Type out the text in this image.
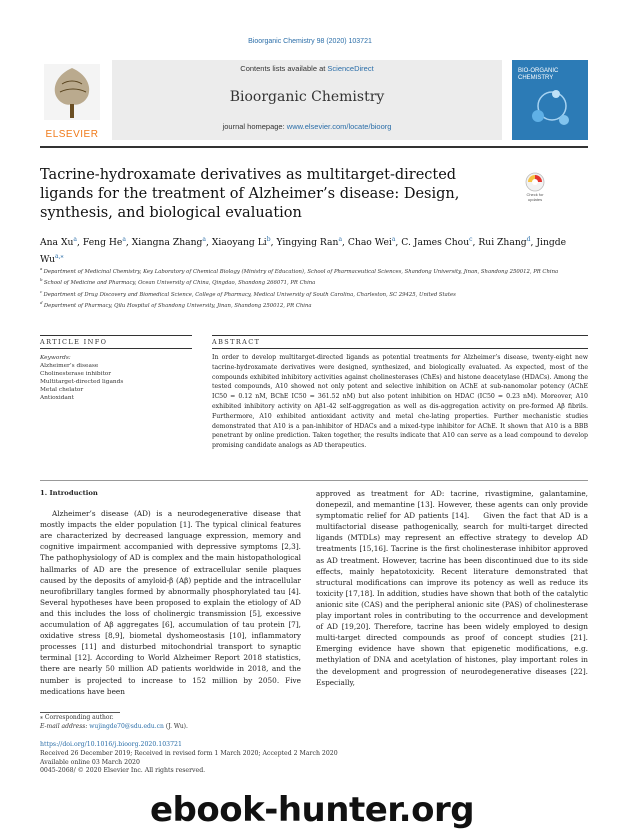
Bioorganic Chemistry 98 (2020) 103721
ELSEVIER
Contents lists available at ScienceDirect
Bioorganic Chemistry
journal homepage: www.elsevier.com/locate/bioorg
BIO-ORGANIC CHEMISTRY
Tacrine-hydroxamate derivatives as multitarget-directed ligands for the treatment of Alzheimer’s disease: Design, synthesis, and biological evaluation
Check for updates
Ana Xu$^a$, Feng He$^a$, Xiangna Zhang$^a$, Xiaoyang Li$^b$, Yingying Ran$^a$, Chao Wei$^a$, C. James Chou$^c$, Rui Zhang$^d$, Jingde $Wu^{a,⁎}$
$^a$ Department of Medicinal Chemistry, Key Laboratory of Chemical Biology (Ministry of Education), School of Pharmaceutical Sciences, Shandong University, Jinan, Shandong 250012, PR China
$^b$ School of Medicine and Pharmacy, Ocean University of China, Qingdao, Shandong 266071, PR China
$^c$ Department of Drug Discovery and Biomedical Science, College of Pharmacy, Medical University of South Carolina, Charleston, SC 29425, United States
$^d$ Department of Pharmacy, Qilu Hospital of Shandong University, Jinan, Shandong 250012, PR China
ARTICLE INFO	ABSTRACT
Keywords:
Alzheimer’s disease
Cholinesterase inhibitor
Multitarget-directed ligands
Metal chelator
Antioxidant
In order to develop multitarget-directed ligands as potential treatments for Alzheimer’s disease, twenty-eight new tacrine-hydroxamate derivatives were designed, synthesized, and biologically evaluated. As expected, most of the compounds exhibited inhibitory activities against cholinesterases (ChEs) and histone deacetylase (HDACs). Among the tested compounds, A10 showed not only potent and selective inhibition on AChE at sub-nanomolar potency (AChE IC50 = 0.12 nM, BChE IC50 = 361.52 nM) but also potent inhibition on HDAC (IC50 = 0.23 nM). Moreover, A10 exhibited inhibitory activity on Aβ1-42 self-aggregation as well as dis-aggregation activity on pre-formed Aβ fibrils. Furthermore, A10 exhibited antioxidant activity and metal che-lating properties. Further mechanistic studies demonstrated that A10 is a pan-inhibitor of HDACs and a mixed-type inhibitor for AChE. It shown that A10 is a BBB penetrant by online prediction. Taken together, the results indicate that A10 can serve as a lead compound to develop promising candidate analogs as AD therapeutics.
1. Introduction
Alzheimer’s disease (AD) is a neurodegenerative disease that mostly impacts the elder population [1]. The typical clinical features are characterized by decreased language expression, memory and cognitive impairment accompanied with depressive symptoms [2,3]. The pathophysiology of AD is complex and the main histopathological hallmarks of AD are the presence of extracellular senile plaques caused by the deposits of amyloid-β (Aβ) peptide and the intracellular neurofibrillary tangles formed by abnormally phosphorylated tau [4]. Several hypotheses have been proposed to explain the etiology of AD and this includes the loss of cholinergic transmission [5], excessive accumulation of Aβ aggregates [6], accumulation of tau protein [7], oxidative stress [8,9], biometal dyshomeostasis [10], inflammatory processes [11] and disturbed mitochondrial transport to synaptic terminal [12]. According to World Alzheimer Report 2018 statistics, there are nearly 50 million AD patients worldwide in 2018, and the number is projected to increase to 152 million by 2050. Five medications have been
approved as treatment for AD: tacrine, rivastigmine, galantamine, donepezil, and memantine [13]. However, these agents can only provide symptomatic relief for AD patients [14].    Given the fact that AD is a multifactorial disease pathogenically, search for multi-target directed ligands (MTDLs) may represent an effective strategy to develop AD treatments [15,16]. Tacrine is the first cholinesterase inhibitor approved as AD treatment. However, tacrine has been discontinued due to its side effects, mainly hepatotoxicity. Recent literature demonstrated that structural modifications can improve its potency as well as reduce its toxicity [17,18]. In addition, studies have shown that both of the catalytic anionic site (CAS) and the peripheral anionic site (PAS) of cholinesterase play important roles in contributing to the occurrence and development of AD [19,20]. Therefore, tacrine has been widely employed to design multi-target directed compounds as proof of concept studies [21]. Emerging evidence have shown that epigenetic modifications, e.g. methylation of DNA and acetylation of histones, play important roles in the development and progression of neurodegenerative diseases [22]. Especially,
⁎ Corresponding author.
E-mail address: wujingde70@sdu.edu.cn (J. Wu).
https://doi.org/10.1016/j.bioorg.2020.103721
Received 26 December 2019; Received in revised form 1 March 2020; Accepted 2 March 2020
Available online 03 March 2020
0045-2068/ © 2020 Elsevier Inc. All rights reserved.
ebook-hunter.org
